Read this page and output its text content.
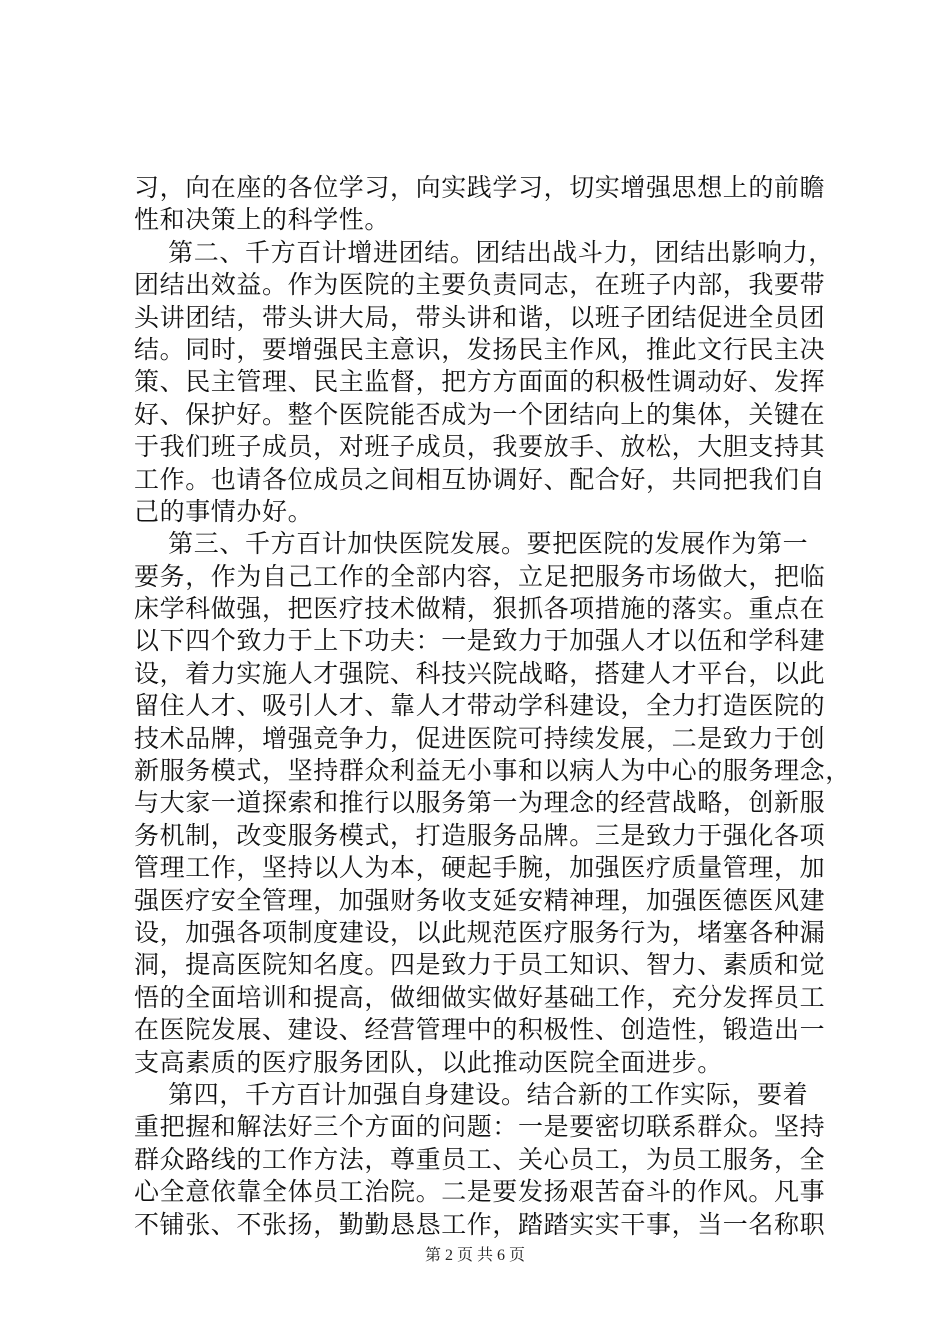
习，向在座的各位学习，向实践学习，切实增强思想上的前瞻
性和决策上的科学性。
第二、千方百计增进团结。团结出战斗力，团结出影响力，
团结出效益。作为医院的主要负责同志，在班子内部，我要带
头讲团结，带头讲大局，带头讲和谐，以班子团结促进全员团
结。同时，要增强民主意识，发扬民主作风，推此文行民主决
策、民主管理、民主监督，把方方面面的积极性调动好、发挥
好、保护好。整个医院能否成为一个团结向上的集体，关键在
于我们班子成员，对班子成员，我要放手、放松，大胆支持其
工作。也请各位成员之间相互协调好、配合好，共同把我们自
己的事情办好。
第三、千方百计加快医院发展。要把医院的发展作为第一
要务，作为自己工作的全部内容，立足把服务市场做大，把临
床学科做强，把医疗技术做精，狠抓各项措施的落实。重点在
以下四个致力于上下功夫：一是致力于加强人才以伍和学科建
设，着力实施人才强院、科技兴院战略，搭建人才平台，以此
留住人才、吸引人才、靠人才带动学科建设，全力打造医院的
技术品牌，增强竞争力，促进医院可持续发展，二是致力于创
新服务模式，坚持群众利益无小事和以病人为中心的服务理念，
与大家一道探索和推行以服务第一为理念的经营战略，创新服
务机制，改变服务模式，打造服务品牌。三是致力于强化各项
管理工作，坚持以人为本，硬起手腕，加强医疗质量管理，加
强医疗安全管理，加强财务收支延安精神理，加强医德医风建
设，加强各项制度建设，以此规范医疗服务行为，堵塞各种漏
洞，提高医院知名度。四是致力于员工知识、智力、素质和觉
悟的全面培训和提高，做细做实做好基础工作，充分发挥员工
在医院发展、建设、经营管理中的积极性、创造性，锻造出一
支高素质的医疗服务团队，以此推动医院全面进步。
第四，千方百计加强自身建设。结合新的工作实际，要着
重把握和解法好三个方面的问题：一是要密切联系群众。坚持
群众路线的工作方法，尊重员工、关心员工，为员工服务，全
心全意依靠全体员工治院。二是要发扬艰苦奋斗的作风。凡事
不铺张、不张扬，勤勤恳恳工作，踏踏实实干事，当一名称职
第 2 页 共 6 页
